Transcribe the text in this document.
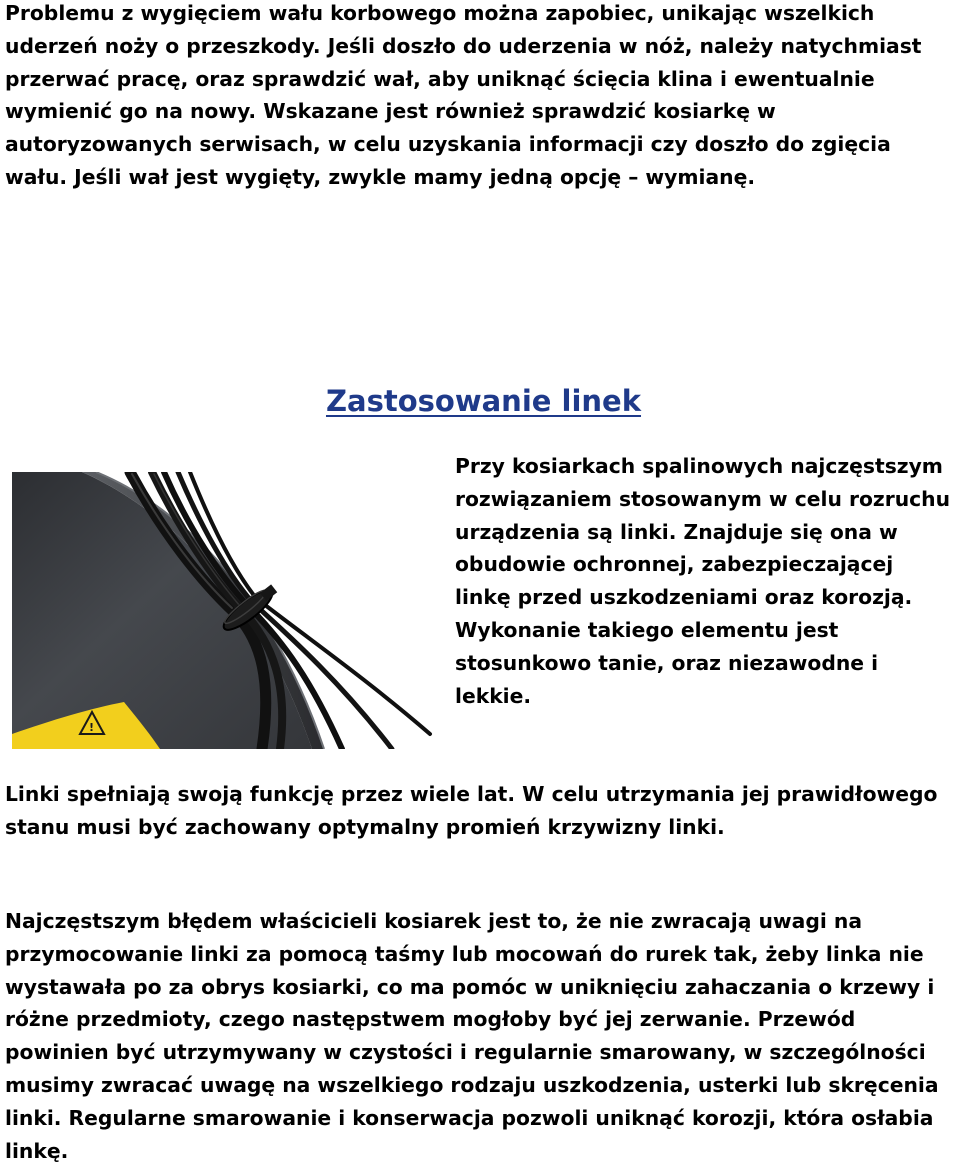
Problemu z wygięciem wału korbowego można zapobiec, unikając wszelkich uderzeń noży o przeszkody. Jeśli doszło do uderzenia w nóż, należy natychmiast przerwać pracę, oraz sprawdzić wał, aby uniknąć ścięcia klina i ewentualnie wymienić go na nowy. Wskazane jest również sprawdzić kosiarkę w autoryzowanych serwisach, w celu uzyskania informacji czy doszło do zgięcia wału. Jeśli wał jest wygięty, zwykle mamy jedną opcję – wymianę.

Zastosowanie linek
!

Przy kosiarkach spalinowych najczęstszym rozwiązaniem stosowanym w celu rozruchu urządzenia są linki. Znajduje się ona w obudowie ochronnej, zabezpieczającej linkę przed uszkodzeniami oraz korozją. Wykonanie takiego elementu jest stosunkowo tanie, oraz niezawodne i lekkie.

Linki spełniają swoją funkcję przez wiele lat. W celu utrzymania jej prawidłowego stanu musi być zachowany optymalny promień krzywizny linki.

Najczęstszym błędem właścicieli kosiarek jest to, że nie zwracają uwagi na przymocowanie linki za pomocą taśmy lub mocowań do rurek tak, żeby linka nie wystawała po za obrys kosiarki, co ma pomóc w uniknięciu zahaczania o krzewy i różne przedmioty, czego następstwem mogłoby być jej zerwanie. Przewód powinien być utrzymywany w czystości i regularnie smarowany, w szczególności musimy zwracać uwagę na wszelkiego rodzaju uszkodzenia, usterki lub skręcenia linki. Regularne smarowanie i konserwacja pozwoli uniknąć korozji, która osłabia linkę.
